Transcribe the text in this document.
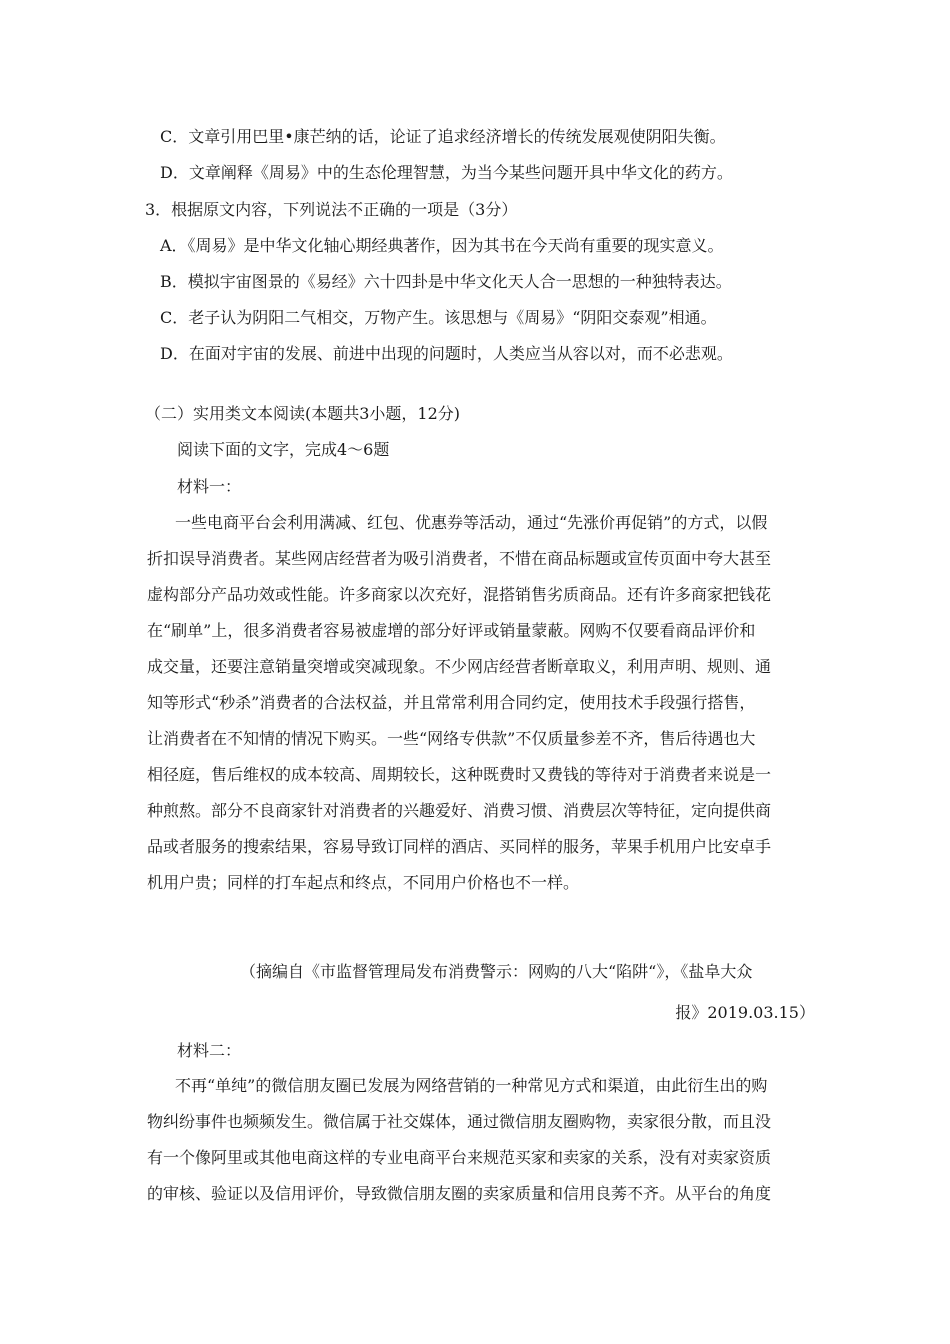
C．文章引用巴里•康芒纳的话，论证了追求经济增长的传统发展观使阴阳失衡。
D．文章阐释《周易》中的生态伦理智慧，为当今某些问题开具中华文化的药方。
3．根据原文内容，下列说法不正确的一项是（3分）
A．《周易》是中华文化轴心期经典著作，因为其书在今天尚有重要的现实意义。
B．模拟宇宙图景的《易经》六十四卦是中华文化天人合一思想的一种独特表达。
C．老子认为阴阳二气相交，万物产生。该思想与《周易》“阴阳交泰观”相通。
D．在面对宇宙的发展、前进中出现的问题时，人类应当从容以对，而不必悲观。
（二）实用类文本阅读(本题共3小题，12分)
阅读下面的文字，完成4～6题
材料一：

一些电商平台会利用满减、红包、优惠券等活动，通过“先涨价再促销”的方式，以假

折扣误导消费者。某些网店经营者为吸引消费者，不惜在商品标题或宣传页面中夸大甚至

虚构部分产品功效或性能。许多商家以次充好，混搭销售劣质商品。还有许多商家把钱花

在“刷单”上，很多消费者容易被虚增的部分好评或销量蒙蔽。网购不仅要看商品评价和

成交量，还要注意销量突增或突减现象。不少网店经营者断章取义，利用声明、规则、通

知等形式“秒杀”消费者的合法权益，并且常常利用合同约定，使用技术手段强行搭售，

让消费者在不知情的情况下购买。一些“网络专供款”不仅质量参差不齐，售后待遇也大

相径庭，售后维权的成本较高、周期较长，这种既费时又费钱的等待对于消费者来说是一

种煎熬。部分不良商家针对消费者的兴趣爱好、消费习惯、消费层次等特征，定向提供商

品或者服务的搜索结果，容易导致订同样的酒店、买同样的服务，苹果手机用户比安卓手

机用户贵；同样的打车起点和终点，不同用户价格也不一样。

（摘编自《市监督管理局发布消费警示：网购的八大“陷阱“》，《盐阜大众
报》2019.03.15）
材料二：

不再“单纯”的微信朋友圈已发展为网络营销的一种常见方式和渠道，由此衍生出的购

物纠纷事件也频频发生。微信属于社交媒体，通过微信朋友圈购物，卖家很分散，而且没

有一个像阿里或其他电商这样的专业电商平台来规范买家和卖家的关系，没有对卖家资质

的审核、验证以及信用评价，导致微信朋友圈的卖家质量和信用良莠不齐。从平台的角度
